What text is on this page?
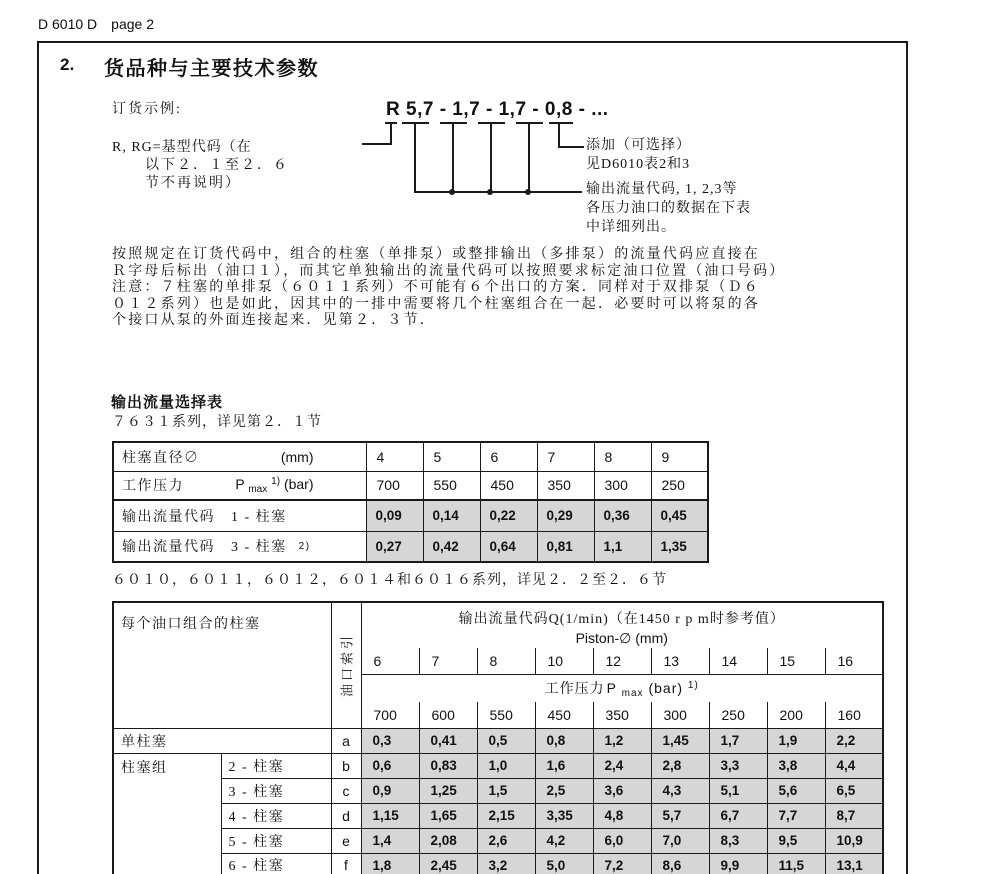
D 6010 D page 2
2. 货品种与主要技术参数
订货示例:	R 5,7 - 1,7 - 1,7 - 0,8 - ...
R, RG=基型代码（在
以下２．１至２．６
节不再说明）
添加（可选择）
见D6010表2和3
输出流量代码, 1, 2,3等
各压力油口的数据在下表
中详细列出。
按照规定在订货代码中，组合的柱塞（单排泵）或整排输出（多排泵）的流量代码应直接在
Ｒ字母后标出（油口１），而其它单独输出的流量代码可以按照要求标定油口位置（油口号码）
注意：７柱塞的单排泵（６０１１系列）不可能有６个出口的方案．同样对于双排泵（Ｄ６
０１２系列）也是如此，因其中的一排中需要将几个柱塞组合在一起．必要时可以将泵的各
个接口从泵的外面连接起来．见第２．３节．
输出流量选择表
７６３１系列，详见第２．１节
柱塞直径∅ (mm)	4	5	6	7	8	9

工作压力 P $_{max}$ $^{1)}$ (bar)	700	550	450	350	300	250

输出流量代码 1 - 柱塞	0,09	0,14	0,22	0,29	0,36	0,45

输出流量代码 3 - 柱塞 2)	0,27	0,42	0,64	0,81	1,1	1,35
６０１０，６０１１，６０１２，６０１４和６０１６系列，详见２．２至２．６节
每个油口组合的柱塞		油口索引	输出流量代码Q(1/min)（在1450 r p m时参考值）
Piston-∅ (mm)								

			6	7	8	10	12	13	14	15	16
			工作压力 P $_{max}$ (bar) $^{1)}$
			700	600	550	450	350	300	250	200	160
单柱塞		a	0,3	0,41	0,5	0,8	1,2	1,45	1,7	1,9	2,2
柱塞组	2 - 柱塞	b	0,6	0,83	1,0	1,6	2,4	2,8	3,3	3,8	4,4
	3 - 柱塞	c	0,9	1,25	1,5	2,5	3,6	4,3	5,1	5,6	6,5
	4 - 柱塞	d	1,15	1,65	2,15	3,35	4,8	5,7	6,7	7,7	8,7
	5 - 柱塞	e	1,4	2,08	2,6	4,2	6,0	7,0	8,3	9,5	10,9
	6 - 柱塞	f	1,8	2,45	3,2	5,0	7,2	8,6	9,9	11,5	13,1
